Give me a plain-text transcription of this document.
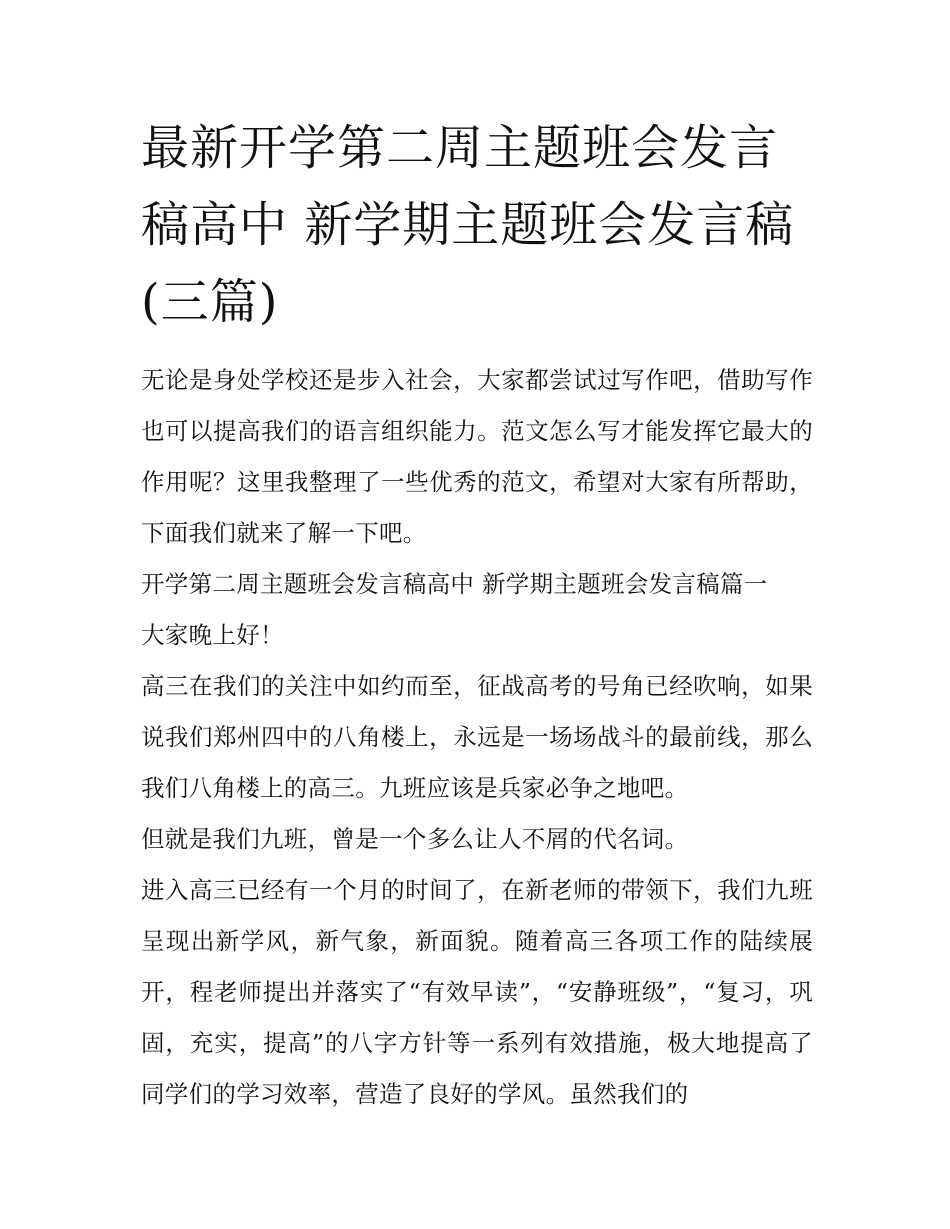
最新开学第二周主题班会发言稿高中 新学期主题班会发言稿(三篇)

无论是身处学校还是步入社会，大家都尝试过写作吧，借助写作也可以提高我们的语言组织能力。范文怎么写才能发挥它最大的作用呢？这里我整理了一些优秀的范文，希望对大家有所帮助，下面我们就来了解一下吧。

开学第二周主题班会发言稿高中 新学期主题班会发言稿篇一

大家晚上好！

高三在我们的关注中如约而至，征战高考的号角已经吹响，如果说我们郑州四中的八角楼上，永远是一场场战斗的最前线，那么我们八角楼上的高三。九班应该是兵家必争之地吧。

但就是我们九班，曾是一个多么让人不屑的代名词。

进入高三已经有一个月的时间了，在新老师的带领下，我们九班呈现出新学风，新气象，新面貌。随着高三各项工作的陆续展开，程老师提出并落实了“有效早读”，“安静班级”，“复习，巩固，充实，提高”的八字方针等一系列有效措施，极大地提高了同学们的学习效率，营造了良好的学风。虽然我们的
